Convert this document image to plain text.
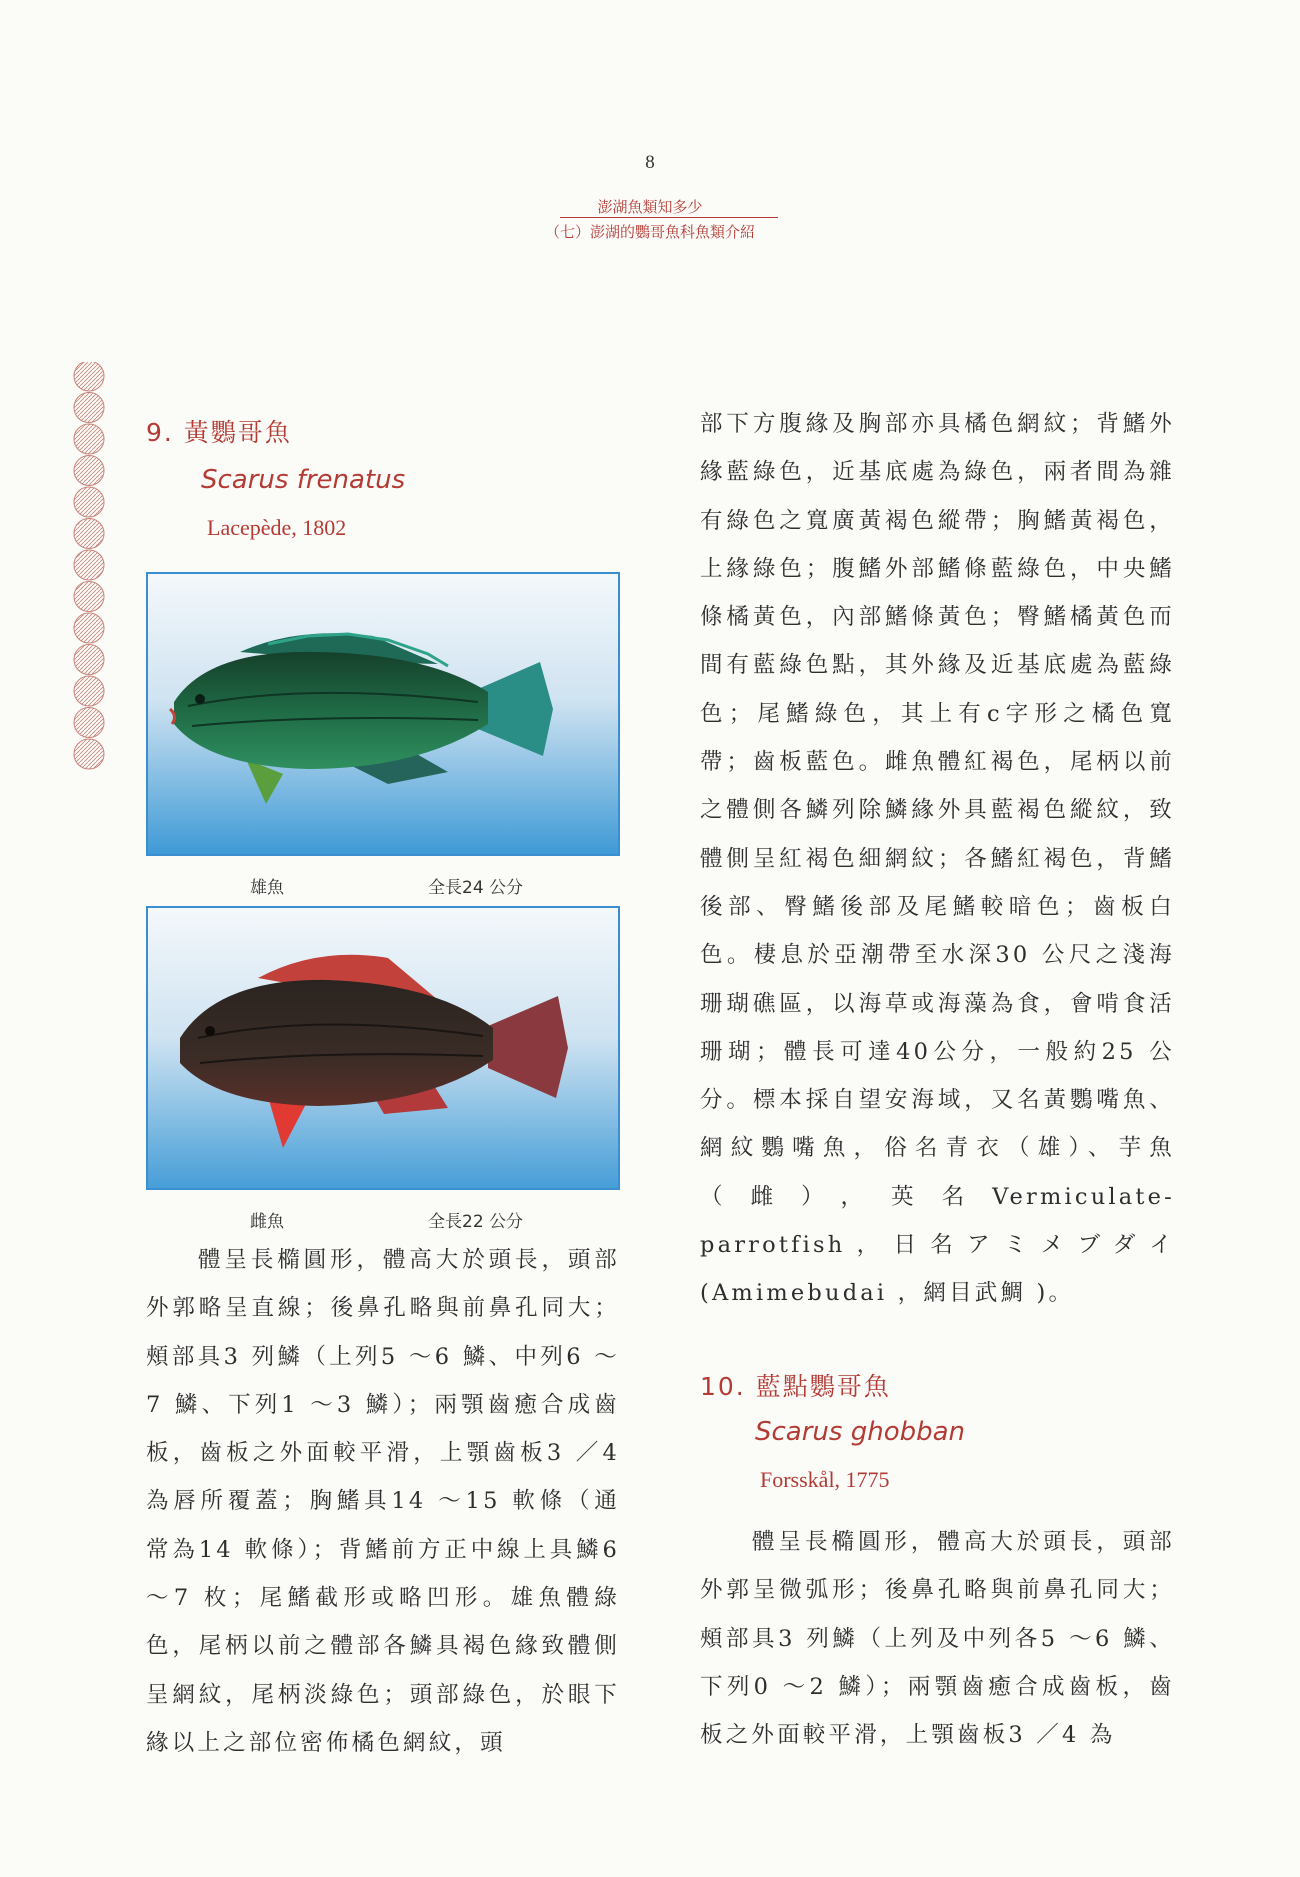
8
澎湖魚類知多少
（七）澎湖的鸚哥魚科魚類介紹
9. 黃鸚哥魚
Scarus frenatus
Lacepède, 1802
雄魚	全長24 公分
雌魚	全長22 公分

體呈長橢圓形，體高大於頭長，頭部外郭略呈直線；後鼻孔略與前鼻孔同大；頰部具3 列鱗（上列5 ～6 鱗、中列6 ～7 鱗、下列1 ～3 鱗）；兩顎齒癒合成齒板，齒板之外面較平滑，上顎齒板3 ／4 為唇所覆蓋；胸鰭具14 ～15 軟條（通常為14 軟條）；背鰭前方正中線上具鱗6 ～7 枚；尾鰭截形或略凹形。雄魚體綠色，尾柄以前之體部各鱗具褐色緣致體側呈網紋，尾柄淡綠色；頭部綠色，於眼下緣以上之部位密佈橘色網紋，頭

部下方腹緣及胸部亦具橘色網紋；背鰭外緣藍綠色，近基底處為綠色，兩者間為雜有綠色之寬廣黃褐色縱帶；胸鰭黃褐色，上緣綠色；腹鰭外部鰭條藍綠色，中央鰭條橘黃色，內部鰭條黃色；臀鰭橘黃色而間有藍綠色點，其外緣及近基底處為藍綠色；尾鰭綠色，其上有c字形之橘色寬帶；齒板藍色。雌魚體紅褐色，尾柄以前之體側各鱗列除鱗緣外具藍褐色縱紋，致體側呈紅褐色細網紋；各鰭紅褐色，背鰭後部、臀鰭後部及尾鰭較暗色；齒板白色。棲息於亞潮帶至水深30 公尺之淺海珊瑚礁區，以海草或海藻為食，會啃食活珊瑚；體長可達40公分，一般約25 公分。標本採自望安海域，又名黃鸚嘴魚、網紋鸚嘴魚，俗名青衣（雄）、芋魚（雌），英名Vermiculate- parrotfish，日名アミメブダイ(Amimebudai ，網目武鯛 )。

10. 藍點鸚哥魚
Scarus ghobban
Forsskål, 1775

體呈長橢圓形，體高大於頭長，頭部外郭呈微弧形；後鼻孔略與前鼻孔同大；頰部具3 列鱗（上列及中列各5 ～6 鱗、下列0 ～2 鱗）；兩顎齒癒合成齒板，齒板之外面較平滑，上顎齒板3 ／4 為
